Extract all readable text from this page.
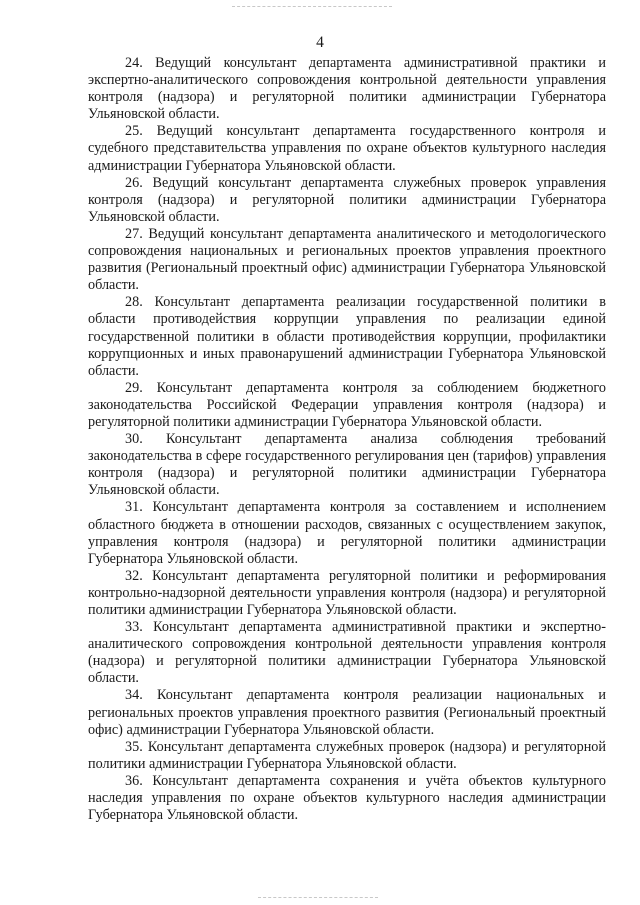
4

24. Ведущий консультант департамента административной практики и экспертно-аналитического сопровождения контрольной деятельности управления контроля (надзора) и регуляторной политики администрации Губернатора Ульяновской области.

25. Ведущий консультант департамента государственного контроля и судебного представительства управления по охране объектов культурного наследия администрации Губернатора Ульяновской области.

26. Ведущий консультант департамента служебных проверок управления контроля (надзора) и регуляторной политики администрации Губернатора Ульяновской области.

27. Ведущий консультант департамента аналитического и методологического сопровождения национальных и региональных проектов управления проектного развития (Региональный проектный офис) администрации Губернатора Ульяновской области.

28. Консультант департамента реализации государственной политики в области противодействия коррупции управления по реализации единой государственной политики в области противодействия коррупции, профилактики коррупционных и иных правонарушений администрации Губернатора Ульяновской области.

29. Консультант департамента контроля за соблюдением бюджетного законодательства Российской Федерации управления контроля (надзора) и регуляторной политики администрации Губернатора Ульяновской области.

30. Консультант департамента анализа соблюдения требований законодательства в сфере государственного регулирования цен (тарифов) управления контроля (надзора) и регуляторной политики администрации Губернатора Ульяновской области.

31. Консультант департамента контроля за составлением и исполнением областного бюджета в отношении расходов, связанных с осуществлением закупок, управления контроля (надзора) и регуляторной политики администрации Губернатора Ульяновской области.

32. Консультант департамента регуляторной политики и реформирования контрольно-надзорной деятельности управления контроля (надзора) и регуляторной политики администрации Губернатора Ульяновской области.

33. Консультант департамента административной практики и экспертно-аналитического сопровождения контрольной деятельности управления контроля (надзора) и регуляторной политики администрации Губернатора Ульяновской области.

34. Консультант департамента контроля реализации национальных и региональных проектов управления проектного развития (Региональный проектный офис) администрации Губернатора Ульяновской области.

35. Консультант департамента служебных проверок (надзора) и регуляторной политики администрации Губернатора Ульяновской области.

36. Консультант департамента сохранения и учёта объектов культурного наследия управления по охране объектов культурного наследия администрации Губернатора Ульяновской области.
